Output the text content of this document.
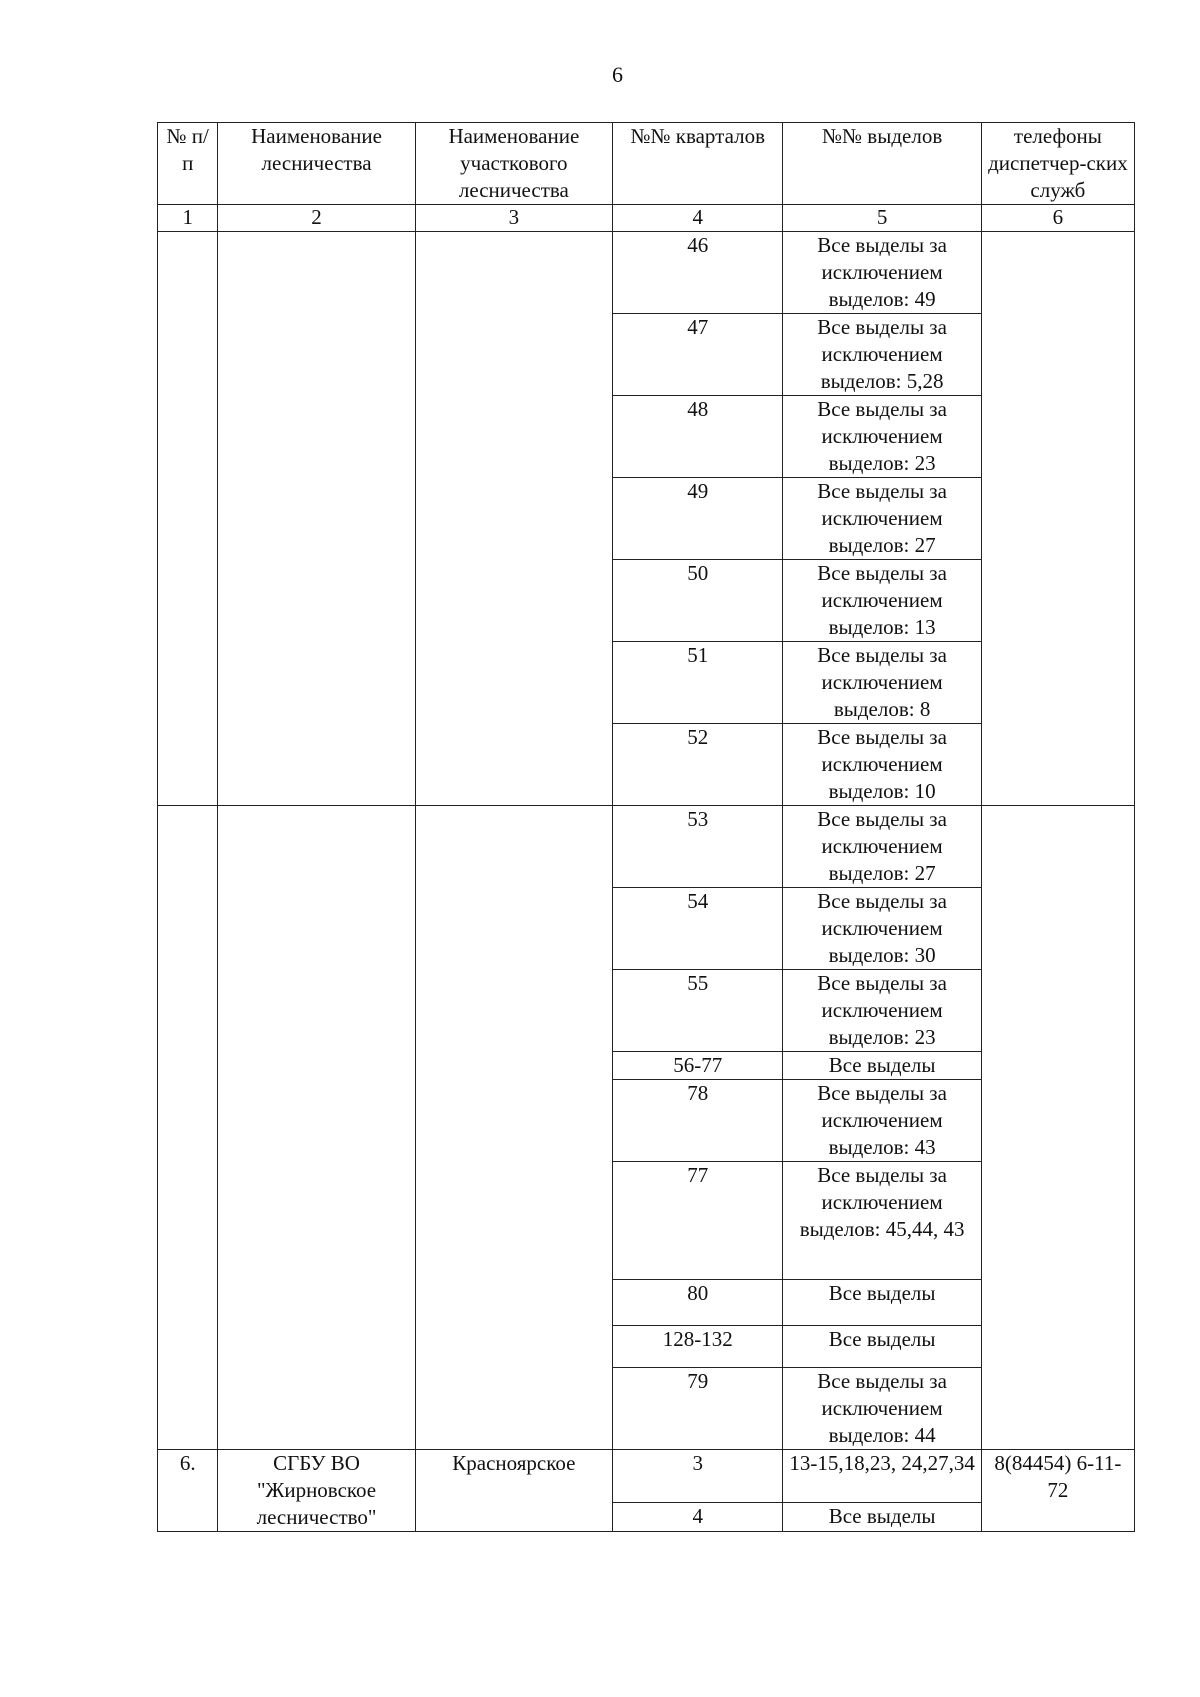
6
№ п/п	Наименование лесничества	Наименование участкового лесничества	№№ кварталов	№№ выделов	телефоны диспетчер-ских служб
1	2	3	4	5	6
			46	Все выделы за исключением выделов: 49	
			47	Все выделы за исключением выделов: 5,28	
			48	Все выделы за исключением выделов: 23	
			49	Все выделы за исключением выделов: 27	
			50	Все выделы за исключением выделов: 13	
			51	Все выделы за исключением выделов: 8	
			52	Все выделы за исключением выделов: 10	
			53	Все выделы за исключением выделов: 27	
			54	Все выделы за исключением выделов: 30	
			55	Все выделы за исключением выделов: 23	
			56-77	Все выделы	
			78	Все выделы за исключением выделов: 43	
			77	Все выделы за исключением выделов: 45,44, 43	
			80	Все выделы	
			128-132	Все выделы	
			79	Все выделы за исключением выделов: 44	
6.	СГБУ ВО "Жирновское лесничество"	Красноярское	3	13-15,18,23, 24,27,34	8(84454) 6-11-72
			4	Все выделы	
